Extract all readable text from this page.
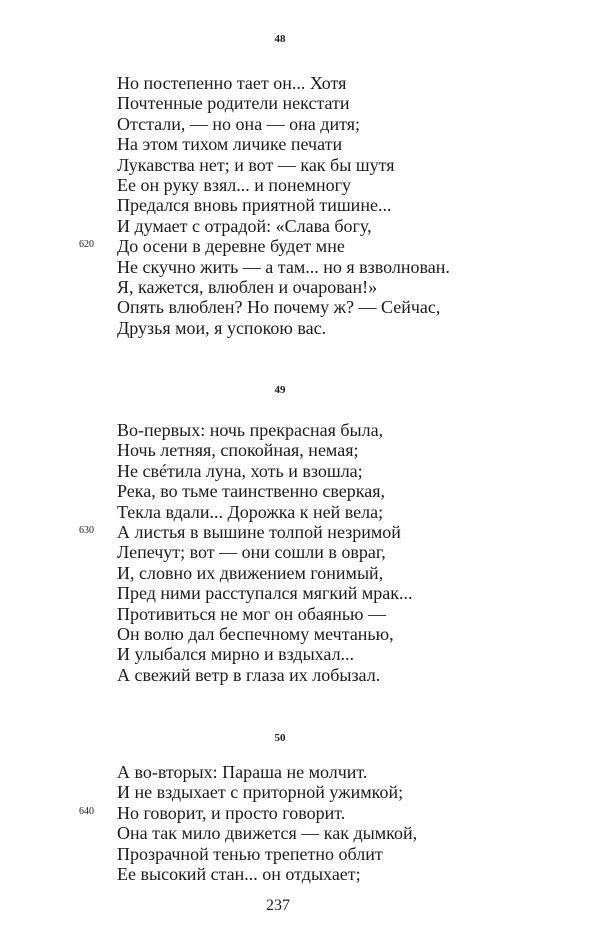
48
Но постепенно тает он... Хотя
Почтенные родители некстати
Отстали, — но она — она дитя;
На этом тихом личике печати
Лукавства нет; и вот — как бы шутя
Ее он руку взял... и понемногу
Предался вновь приятной тишине...
И думает с отрадой: «Слава богу,
До осени в деревне будет мне
620
Не скучно жить — а там... но я взволнован.
Я, кажется, влюблен и очарован!»
Опять влюблен? Но почему ж? — Сейчас,
Друзья мои, я успокою вас.
49
Во-первых: ночь прекрасная была,
Ночь летняя, спокойная, немая;
Не свéтила луна, хоть и взошла;
Река, во тьме таинственно сверкая,
Текла вдали... Дорожка к ней вела;
А листья в вышине толпой незримой
630
Лепечут; вот — они сошли в овраг,
И, словно их движением гонимый,
Пред ними расступался мягкий мрак...
Противиться не мог он обаянью —
Он волю дал беспечному мечтанью,
И улыбался мирно и вздыхал...
А свежий ветр в глаза их лобызал.
50
А во-вторых: Параша не молчит.
И не вздыхает с приторной ужимкой;
Но говорит, и просто говорит.
640
Она так мило движется — как дымкой,
Прозрачной тенью трепетно облит
Ее высокий стан... он отдыхает;
237
